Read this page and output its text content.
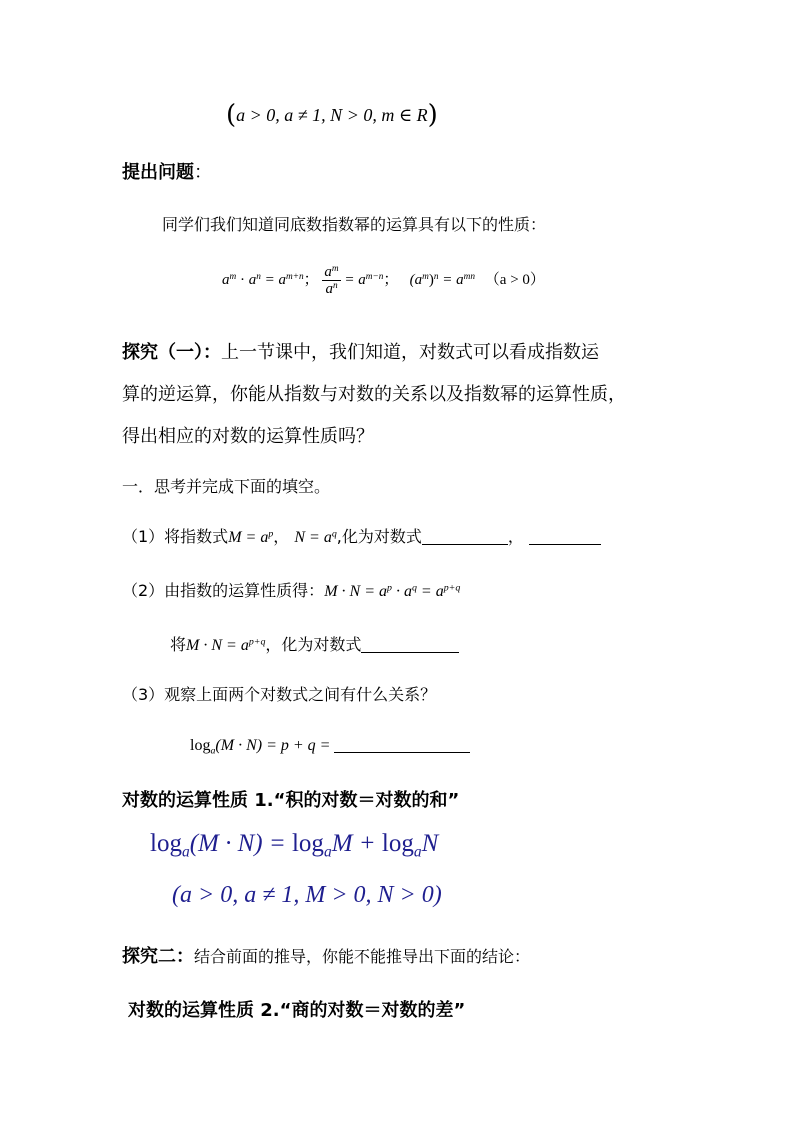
(a > 0, a ≠ 1, N > 0, m ∈ R)
提出问题：
同学们我们知道同底数指数幂的运算具有以下的性质：
$a^m \cdot a^n = a^{m+n}$； $\frac{a^m}{a^n} = a^{m-n}$； $(a^m)^n = a^{mn}$ （a > 0）
探究（一）：上一节课中，我们知道，对数式可以看成指数运
算的逆运算，你能从指数与对数的关系以及指数幂的运算性质，
得出相应的对数的运算性质吗？
一．思考并完成下面的填空。
（1）将指数式$M = a^p$， $N = a^q$,化为对数式	，
（2）由指数的运算性质得：$M \cdot N = a^p \cdot a^q = a^{p+q}$
将$M \cdot N = a^{p+q}$，化为对数式
（3）观察上面两个对数式之间有什么关系？
$\log_a(M \cdot N) = p + q$ =
对数的运算性质 1.“积的对数＝对数的和”
$\log_a(M \cdot N) = \log_aM + \log_aN$
(a > 0, a ≠ 1, M > 0, N > 0)
探究二：结合前面的推导，你能不能推导出下面的结论：
对数的运算性质 2.“商的对数＝对数的差”
